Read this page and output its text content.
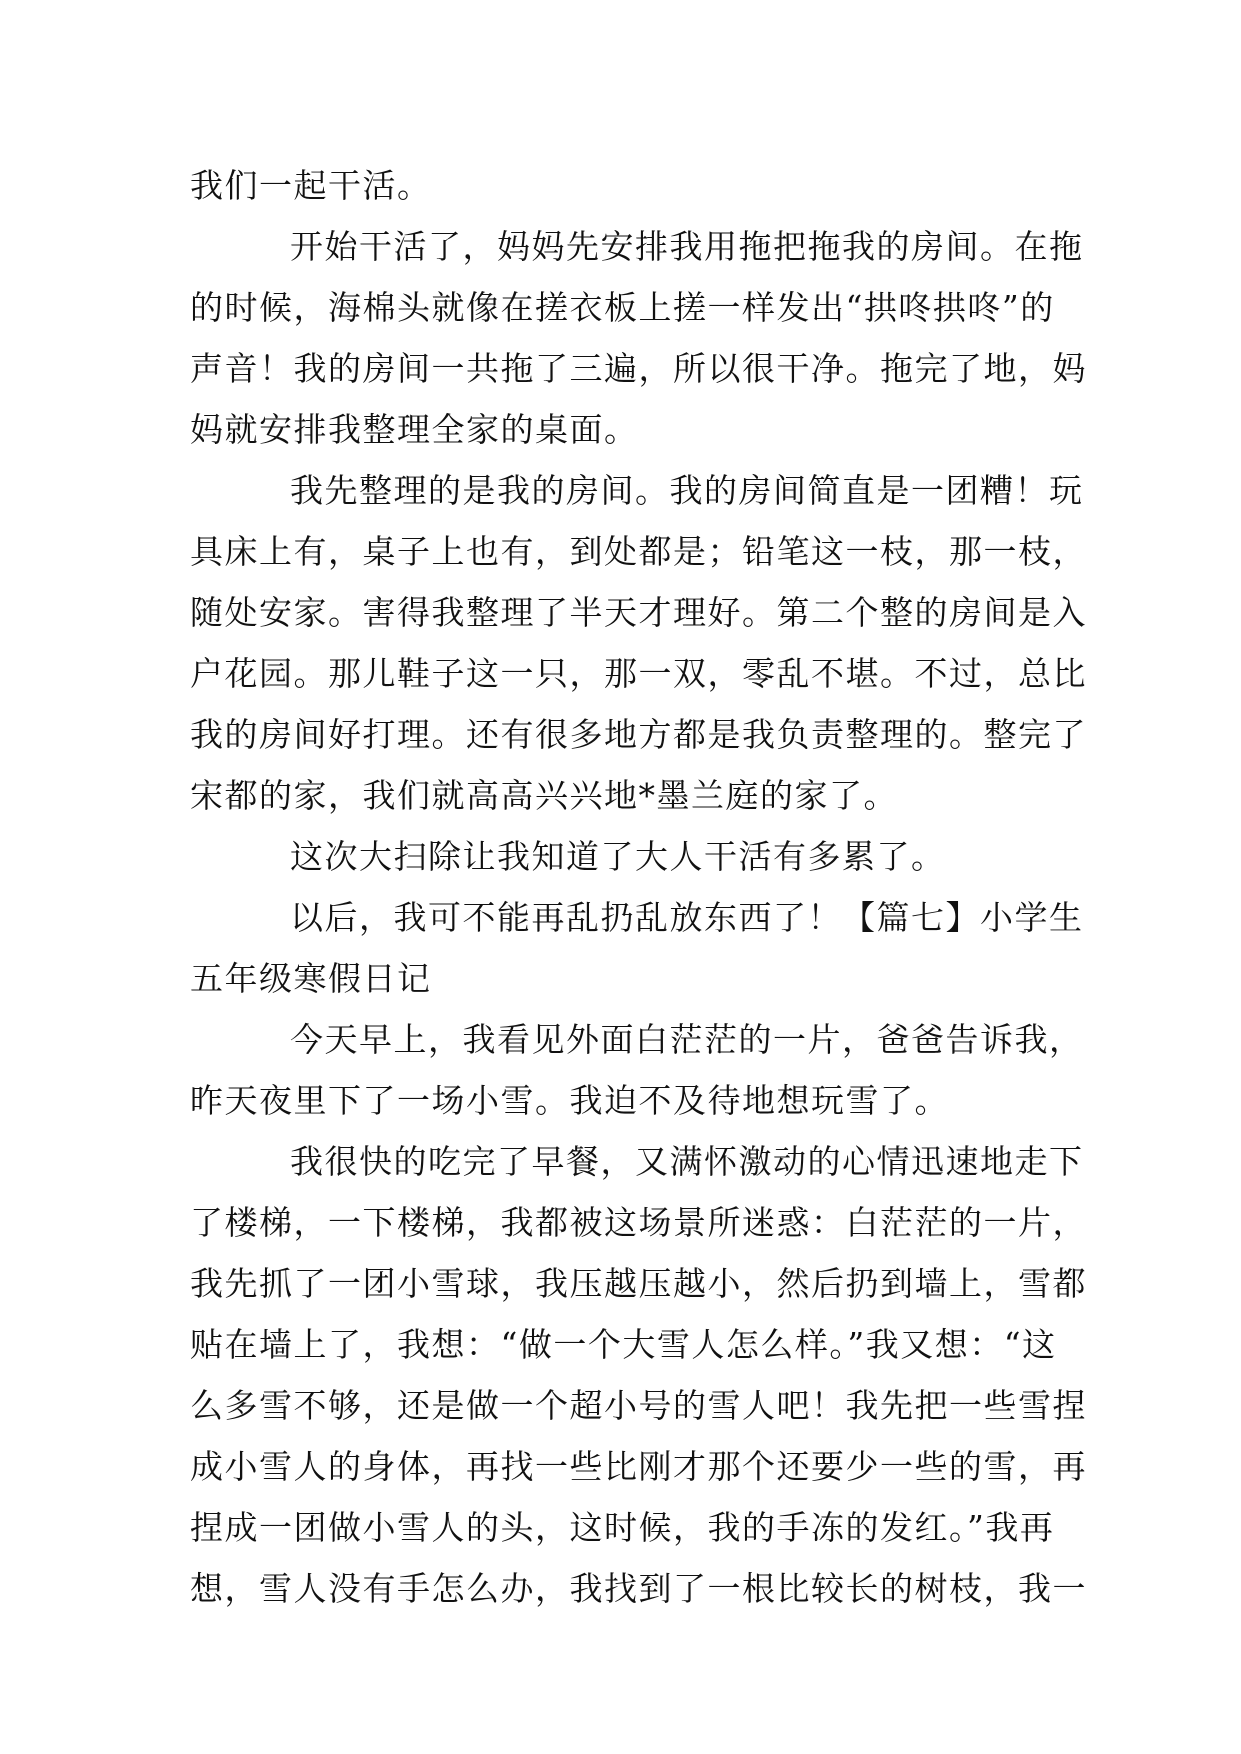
我们一起干活。
开始干活了，妈妈先安排我用拖把拖我的房间。在拖
的时候，海棉头就像在搓衣板上搓一样发出“拱咚拱咚”的
声音！我的房间一共拖了三遍，所以很干净。拖完了地，妈
妈就安排我整理全家的桌面。
我先整理的是我的房间。我的房间简直是一团糟！玩
具床上有，桌子上也有，到处都是；铅笔这一枝，那一枝，
随处安家。害得我整理了半天才理好。第二个整的房间是入
户花园。那儿鞋子这一只，那一双，零乱不堪。不过，总比
我的房间好打理。还有很多地方都是我负责整理的。整完了
宋都的家，我们就高高兴兴地*墨兰庭的家了。
这次大扫除让我知道了大人干活有多累了。
以后，我可不能再乱扔乱放东西了！【篇七】小学生
五年级寒假日记
今天早上，我看见外面白茫茫的一片，爸爸告诉我，
昨天夜里下了一场小雪。我迫不及待地想玩雪了。
我很快的吃完了早餐，又满怀激动的心情迅速地走下
了楼梯，一下楼梯，我都被这场景所迷惑：白茫茫的一片，
我先抓了一团小雪球，我压越压越小，然后扔到墙上，雪都
贴在墙上了，我想：“做一个大雪人怎么样。”我又想：“这
么多雪不够，还是做一个超小号的雪人吧！我先把一些雪捏
成小雪人的身体，再找一些比刚才那个还要少一些的雪，再
捏成一团做小雪人的头，这时候，我的手冻的发红。”我再
想，雪人没有手怎么办，我找到了一根比较长的树枝，我一
